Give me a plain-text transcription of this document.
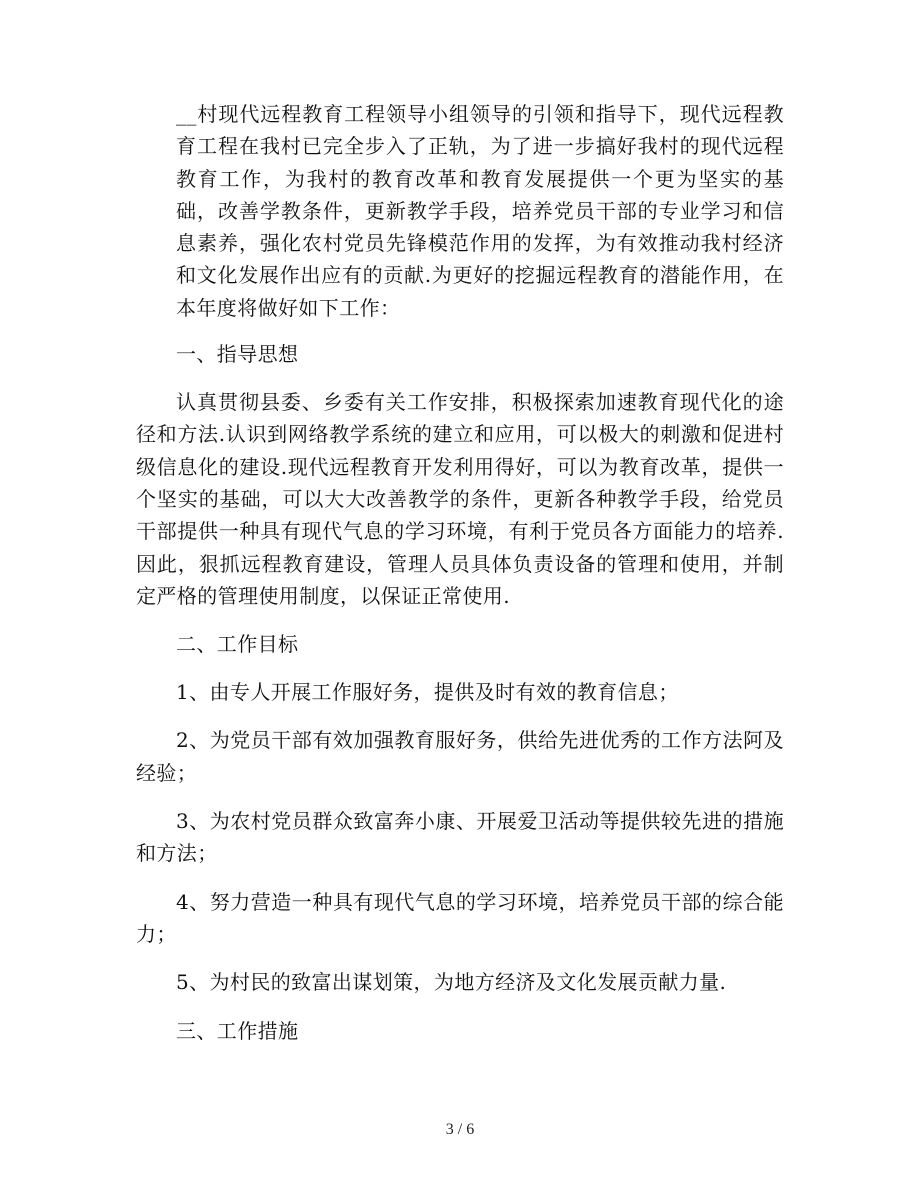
__村现代远程教育工程领导小组领导的引领和指导下，现代远程教育工程在我村已完全步入了正轨，为了进一步搞好我村的现代远程教育工作，为我村的教育改革和教育发展提供一个更为坚实的基础，改善学教条件，更新教学手段，培养党员干部的专业学习和信息素养，强化农村党员先锋模范作用的发挥，为有效推动我村经济和文化发展作出应有的贡献.为更好的挖掘远程教育的潜能作用，在本年度将做好如下工作：

一、指导思想

认真贯彻县委、乡委有关工作安排，积极探索加速教育现代化的途径和方法.认识到网络教学系统的建立和应用，可以极大的刺激和促进村级信息化的建设.现代远程教育开发利用得好，可以为教育改革，提供一个坚实的基础，可以大大改善教学的条件，更新各种教学手段，给党员干部提供一种具有现代气息的学习环境，有利于党员各方面能力的培养.因此，狠抓远程教育建设，管理人员具体负责设备的管理和使用，并制定严格的管理使用制度，以保证正常使用.

二、工作目标

1、由专人开展工作服好务，提供及时有效的教育信息；

2、为党员干部有效加强教育服好务，供给先进优秀的工作方法阿及经验；

3、为农村党员群众致富奔小康、开展爱卫活动等提供较先进的措施和方法；

4、努力营造一种具有现代气息的学习环境，培养党员干部的综合能力；

5、为村民的致富出谋划策，为地方经济及文化发展贡献力量.

三、工作措施

3 / 6
